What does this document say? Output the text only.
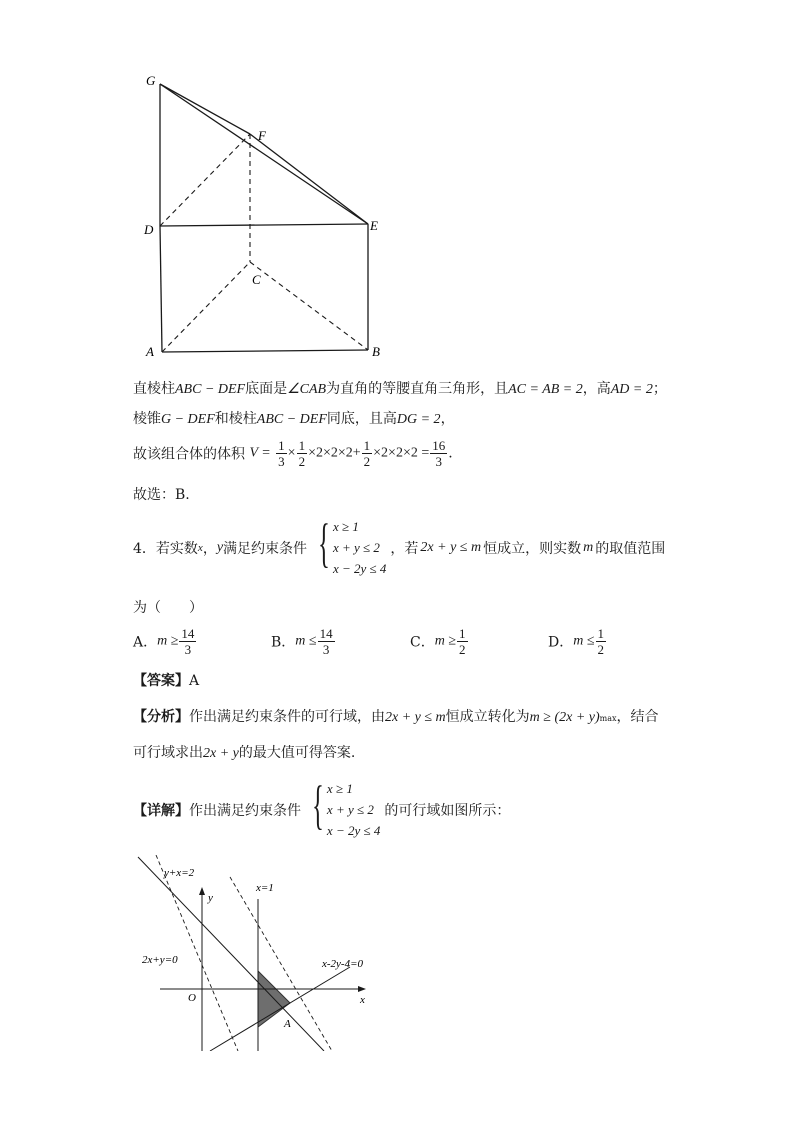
G
F
D	E
C
A	B
直棱柱ABC − DEF底面是∠CAB为直角的等腰直角三角形，且AC = AB = 2，高AD = 2；
棱锥G − DEF和棱柱ABC − DEF同底，且高DG = 2，
故该组合体的体积 $V = \frac{1}{3} \times \frac{1}{2} \times 2\times 2\times 2+ \frac{1}{2} \times 2\times 2\times 2 = \frac{16}{3}$ .
故选：B.
4．若实数 x ， y 满足约束条件 { x ≥ 1
x + y ≤ 2
x − 2y ≤ 4
，若 2x + y ≤ m 恒成立，则实数 m 的取值范围
为（　　）
A．$m \ge \frac{14}{3}$	B．$m \le \frac{14}{3}$	C．$m \ge \frac{1}{2}$	D．$m \le \frac{1}{2}$
【答案】A
【分析】作出满足约束条件的可行域，由2x + y ≤ m恒成立转化为m ≥ (2x + y)max，结合
可行域求出2x + y的最大值可得答案.
【详解】 作出满足约束条件 { x ≥ 1
x + y ≤ 2
x − 2y ≤ 4
的可行域如图所示：
y+x=2
x=1
2x+y=0	x-2y-4=0
x
y
O
A
